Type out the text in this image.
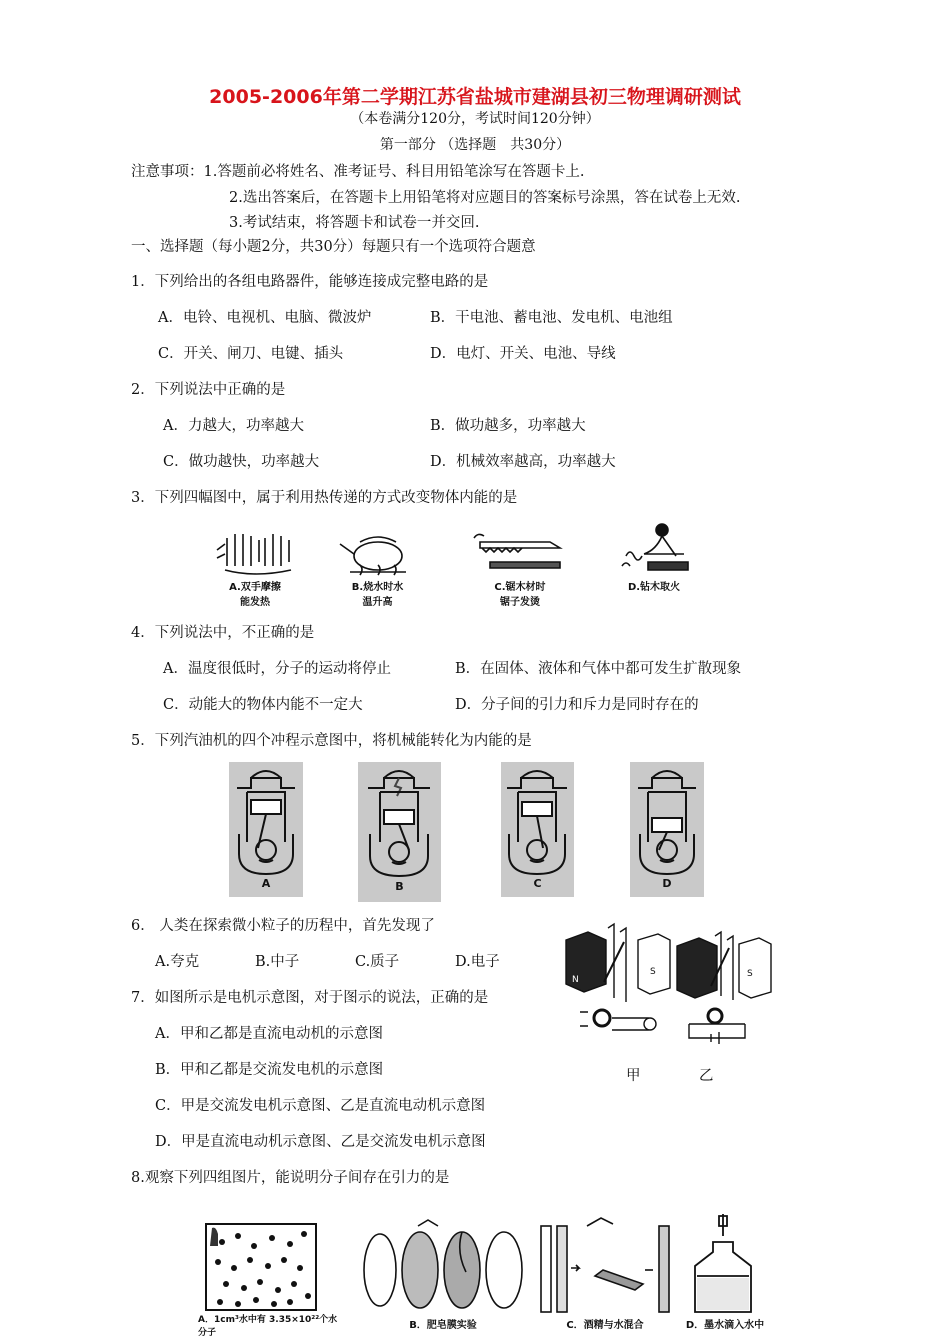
2005-2006年第二学期江苏省盐城市建湖县初三物理调研测试
（本卷满分120分，考试时间120分钟）
第一部分 （选择题　共30分）
注意事项：1.答题前必将姓名、准考证号、科目用铅笔涂写在答题卡上.
2.选出答案后，在答题卡上用铅笔将对应题目的答案标号涂黑，答在试卷上无效.
3.考试结束，将答题卡和试卷一并交回.
一、选择题（每小题2分，共30分）每题只有一个选项符合题意
1．下列给出的各组电路器件，能够连接成完整电路的是
A．电铃、电视机、电脑、微波炉	B．干电池、蓄电池、发电机、电池组
C．开关、闸刀、电键、插头	D．电灯、开关、电池、导线
2．下列说法中正确的是
A．力越大，功率越大	B．做功越多，功率越大
C．做功越快，功率越大	D．机械效率越高，功率越大
3．下列四幅图中，属于利用热传递的方式改变物体内能的是
A.双手摩擦
能发热
B.烧水时水
温升高
C.锯木材时
锯子发烫
D.钻木取火
4．下列说法中，不正确的是
A．温度很低时，分子的运动将停止	B．在固体、液体和气体中都可发生扩散现象
C．动能大的物体内能不一定大	D．分子间的引力和斥力是同时存在的
5．下列汽油机的四个冲程示意图中，将机械能转化为内能的是
A	B	C	D
6． 人类在探索微小粒子的历程中，首先发现了
A.夸克	B.中子	C.质子	D.电子
7．如图所示是电机示意图，对于图示的说法，正确的是
A．甲和乙都是直流电动机的示意图
B．甲和乙都是交流发电机的示意图
C．甲是交流发电机示意图、乙是直流电动机示意图
D．甲是直流电动机示意图、乙是交流发电机示意图
N
S	S
甲	乙
8.观察下列四组图片，能说明分子间存在引力的是
A．1cm³水中有 3.35×10²²个水分子
B．肥皂膜实验	C．酒精与水混合	D．墨水滴入水中
